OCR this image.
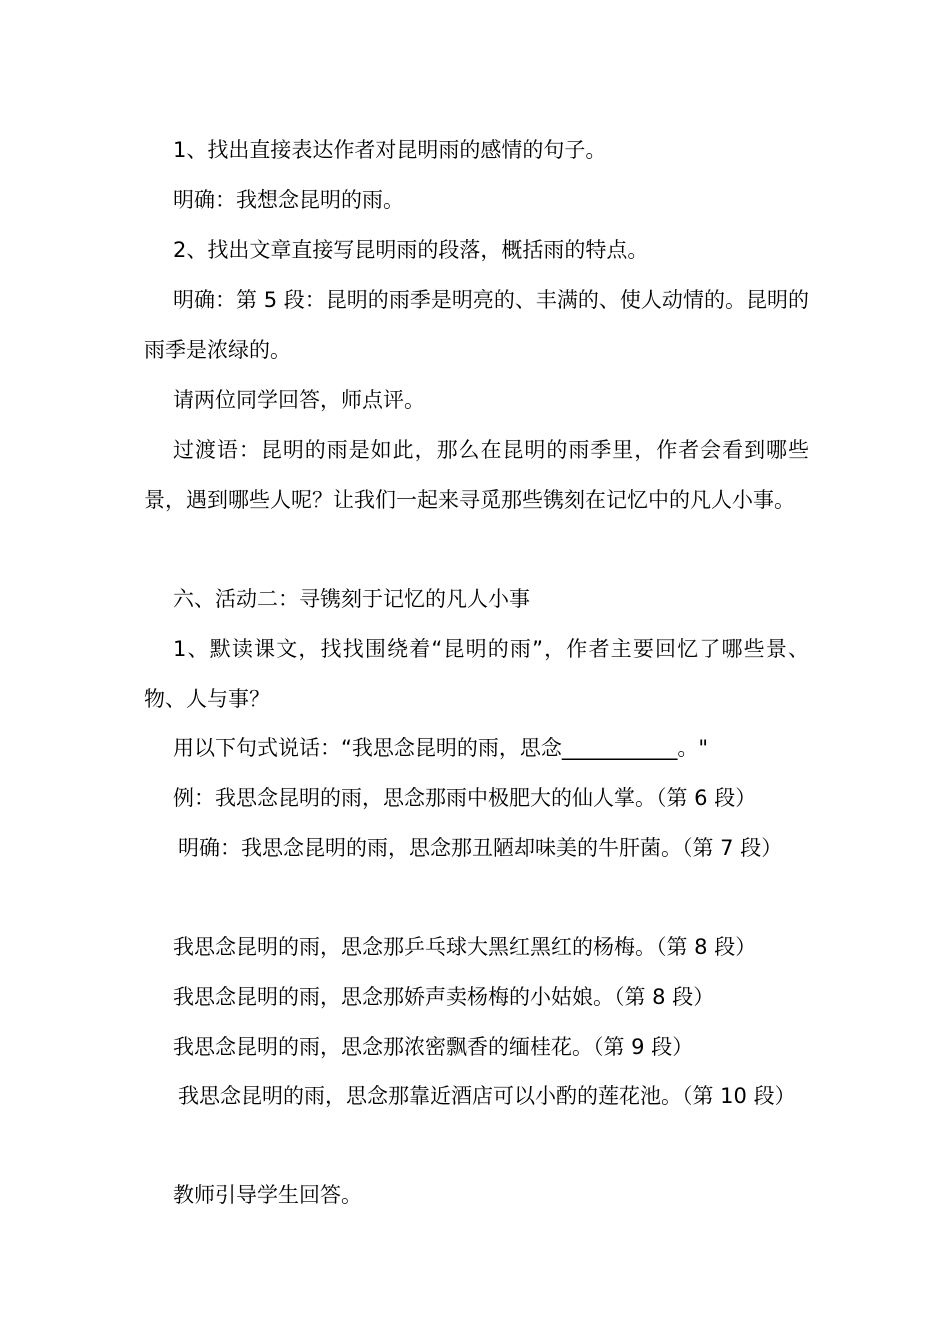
1、找出直接表达作者对昆明雨的感情的句子。

明确：我想念昆明的雨。

2、找出文章直接写昆明雨的段落，概括雨的特点。

明确：第 5 段：昆明的雨季是明亮的、丰满的、使人动情的。昆明的雨季是浓绿的。

请两位同学回答，师点评。

过渡语：昆明的雨是如此，那么在昆明的雨季里，作者会看到哪些景，遇到哪些人呢？让我们一起来寻觅那些镌刻在记忆中的凡人小事。

六、活动二：寻镌刻于记忆的凡人小事

1、默读课文，找找围绕着“昆明的雨”，作者主要回忆了哪些景、物、人与事？

用以下句式说话：“我思念昆明的雨，思念___________。"

例：我思念昆明的雨，思念那雨中极肥大的仙人掌。（第 6 段）

明确：我思念昆明的雨，思念那丑陋却味美的牛肝菌。（第 7 段）

我思念昆明的雨，思念那乒乓球大黑红黑红的杨梅。（第 8 段）

我思念昆明的雨，思念那娇声卖杨梅的小姑娘。（第 8 段）

我思念昆明的雨，思念那浓密飘香的缅桂花。（第 9 段）

我思念昆明的雨，思念那靠近酒店可以小酌的莲花池。（第 10 段）

教师引导学生回答。
